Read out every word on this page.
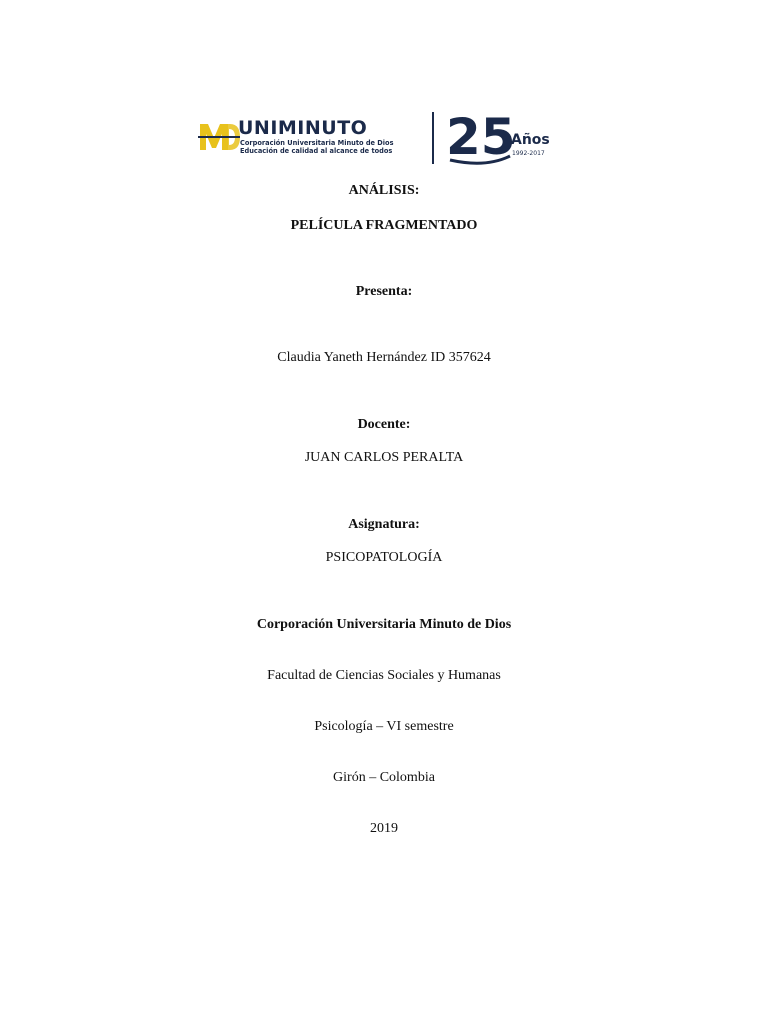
UNIMINUTO
Corporación Universitaria Minuto de Dios
Educación de calidad al alcance de todos 25
Años
1992-2017
ANÁLISIS:
PELÍCULA FRAGMENTADO
Presenta:
Claudia Yaneth Hernández ID 357624
Docente:
JUAN CARLOS PERALTA
Asignatura:
PSICOPATOLOGÍA
Corporación Universitaria Minuto de Dios
Facultad de Ciencias Sociales y Humanas
Psicología – VI semestre
Girón – Colombia
2019
